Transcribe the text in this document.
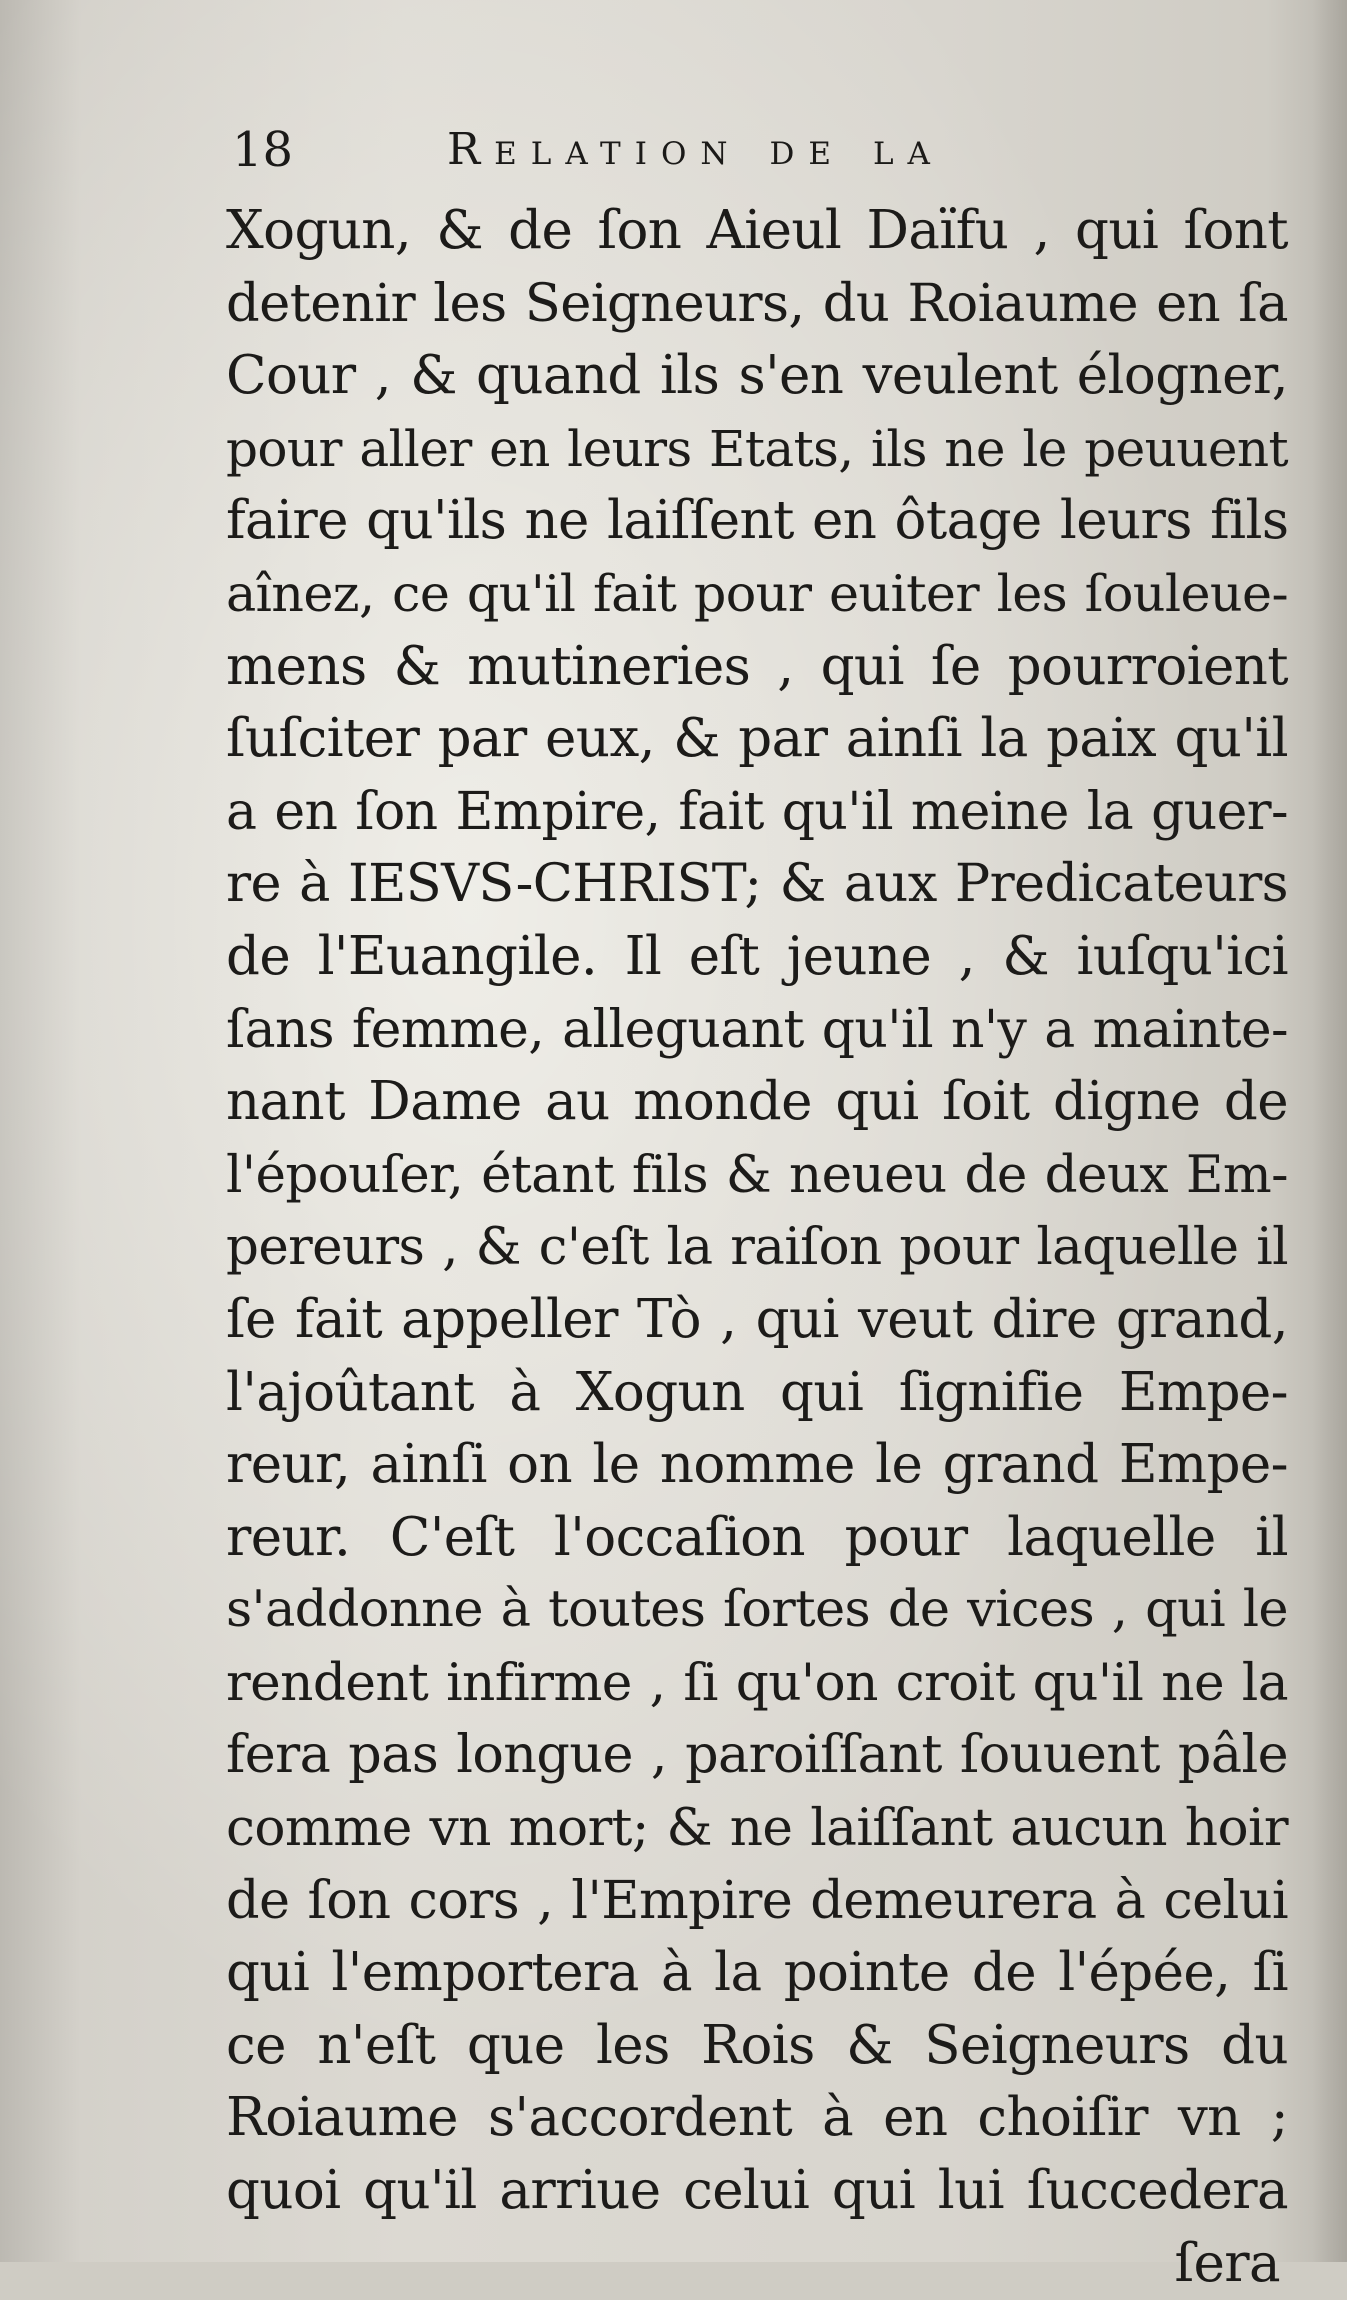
18	Relation de la
Xogun, & de ſon Aieul Daïfu , qui ſont
detenir les Seigneurs, du Roiaume en ſa
Cour , & quand ils s'en veulent élogner,
pour aller en leurs Etats, ils ne le peuuent
faire qu'ils ne laiſſent en ôtage leurs fils
aînez, ce qu'il fait pour euiter les ſouleue-
mens & mutineries , qui ſe pourroient
ſuſciter par eux, & par ainſi la paix qu'il
a en ſon Empire, fait qu'il meine la guer-
re à IESVS-CHRIST; & aux Predicateurs
de l'Euangile. Il eſt jeune , & iuſqu'ici
ſans femme, alleguant qu'il n'y a mainte-
nant Dame au monde qui ſoit digne de
l'épouſer, étant fils & neueu de deux Em-
pereurs , & c'eſt la raiſon pour laquelle il
ſe fait appeller Tò , qui veut dire grand,
l'ajoûtant à Xogun qui ſignifie Empe-
reur, ainſi on le nomme le grand Empe-
reur. C'eſt l'occaſion pour laquelle il
s'addonne à toutes ſortes de vices , qui le
rendent infirme , ſi qu'on croit qu'il ne la
fera pas longue , paroiſſant ſouuent pâle
comme vn mort; & ne laiſſant aucun hoir
de ſon cors , l'Empire demeurera à celui
qui l'emportera à la pointe de l'épée, ſi
ce n'eſt que les Rois & Seigneurs du
Roiaume s'accordent à en choiſir vn ;
quoi qu'il arriue celui qui lui ſuccedera
ſera
